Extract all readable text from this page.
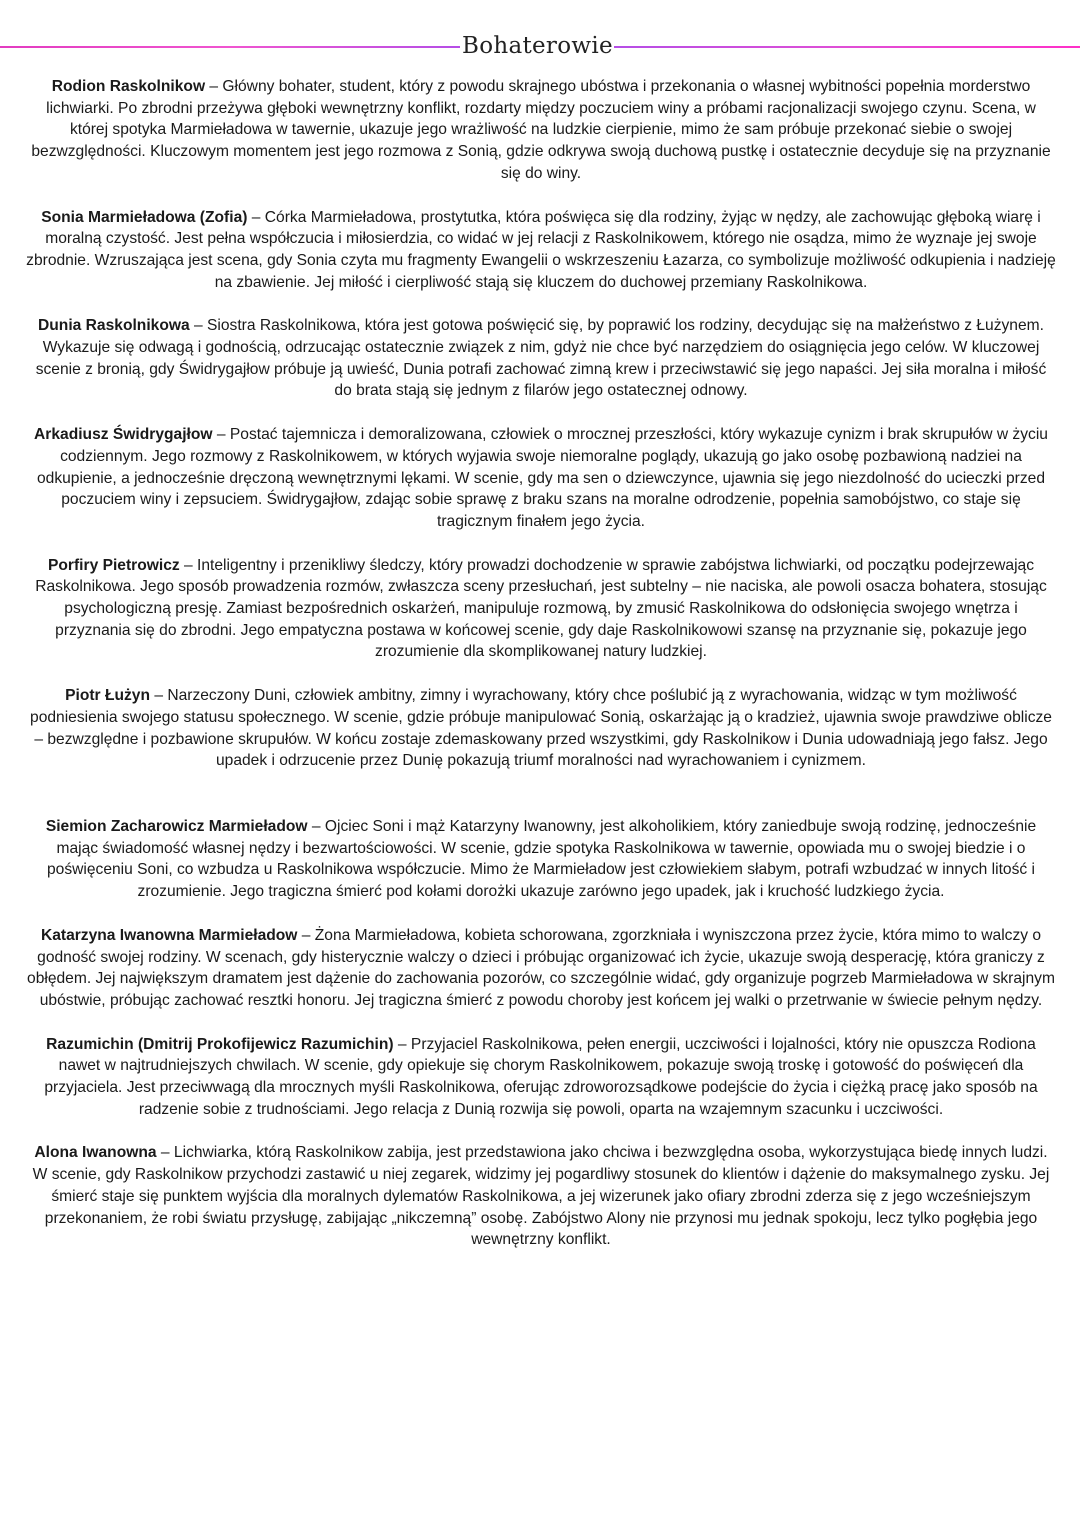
Bohaterowie

Rodion Raskolnikow – Główny bohater, student, który z powodu skrajnego ubóstwa i przekonania o własnej wybitności popełnia morderstwo lichwiarki. Po zbrodni przeżywa głęboki wewnętrzny konflikt, rozdarty między poczuciem winy a próbami racjonalizacji swojego czynu. Scena, w której spotyka Marmieładowa w tawernie, ukazuje jego wrażliwość na ludzkie cierpienie, mimo że sam próbuje przekonać siebie o swojej bezwzględności. Kluczowym momentem jest jego rozmowa z Sonią, gdzie odkrywa swoją duchową pustkę i ostatecznie decyduje się na przyznanie się do winy.

Sonia Marmieładowa (Zofia) – Córka Marmieładowa, prostytutka, która poświęca się dla rodziny, żyjąc w nędzy, ale zachowując głęboką wiarę i moralną czystość. Jest pełna współczucia i miłosierdzia, co widać w jej relacji z Raskolnikowem, którego nie osądza, mimo że wyznaje jej swoje zbrodnie. Wzruszająca jest scena, gdy Sonia czyta mu fragmenty Ewangelii o wskrzeszeniu Łazarza, co symbolizuje możliwość odkupienia i nadzieję na zbawienie. Jej miłość i cierpliwość stają się kluczem do duchowej przemiany Raskolnikowa.

Dunia Raskolnikowa – Siostra Raskolnikowa, która jest gotowa poświęcić się, by poprawić los rodziny, decydując się na małżeństwo z Łużynem. Wykazuje się odwagą i godnością, odrzucając ostatecznie związek z nim, gdyż nie chce być narzędziem do osiągnięcia jego celów. W kluczowej scenie z bronią, gdy Świdrygajłow próbuje ją uwieść, Dunia potrafi zachować zimną krew i przeciwstawić się jego napaści. Jej siła moralna i miłość do brata stają się jednym z filarów jego ostatecznej odnowy.

Arkadiusz Świdrygajłow – Postać tajemnicza i demoralizowana, człowiek o mrocznej przeszłości, który wykazuje cynizm i brak skrupułów w życiu codziennym. Jego rozmowy z Raskolnikowem, w których wyjawia swoje niemoralne poglądy, ukazują go jako osobę pozbawioną nadziei na odkupienie, a jednocześnie dręczoną wewnętrznymi lękami. W scenie, gdy ma sen o dziewczynce, ujawnia się jego niezdolność do ucieczki przed poczuciem winy i zepsuciem. Świdrygajłow, zdając sobie sprawę z braku szans na moralne odrodzenie, popełnia samobójstwo, co staje się tragicznym finałem jego życia.

Porfiry Pietrowicz – Inteligentny i przenikliwy śledczy, który prowadzi dochodzenie w sprawie zabójstwa lichwiarki, od początku podejrzewając Raskolnikowa. Jego sposób prowadzenia rozmów, zwłaszcza sceny przesłuchań, jest subtelny – nie naciska, ale powoli osacza bohatera, stosując psychologiczną presję. Zamiast bezpośrednich oskarżeń, manipuluje rozmową, by zmusić Raskolnikowa do odsłonięcia swojego wnętrza i przyznania się do zbrodni. Jego empatyczna postawa w końcowej scenie, gdy daje Raskolnikowowi szansę na przyznanie się, pokazuje jego zrozumienie dla skomplikowanej natury ludzkiej.

Piotr Łużyn – Narzeczony Duni, człowiek ambitny, zimny i wyrachowany, który chce poślubić ją z wyrachowania, widząc w tym możliwość podniesienia swojego statusu społecznego. W scenie, gdzie próbuje manipulować Sonią, oskarżając ją o kradzież, ujawnia swoje prawdziwe oblicze – bezwzględne i pozbawione skrupułów. W końcu zostaje zdemaskowany przed wszystkimi, gdy Raskolnikow i Dunia udowadniają jego fałsz. Jego upadek i odrzucenie przez Dunię pokazują triumf moralności nad wyrachowaniem i cynizmem.

Siemion Zacharowicz Marmieładow – Ojciec Soni i mąż Katarzyny Iwanowny, jest alkoholikiem, który zaniedbuje swoją rodzinę, jednocześnie mając świadomość własnej nędzy i bezwartościowości. W scenie, gdzie spotyka Raskolnikowa w tawernie, opowiada mu o swojej biedzie i o poświęceniu Soni, co wzbudza u Raskolnikowa współczucie. Mimo że Marmieładow jest człowiekiem słabym, potrafi wzbudzać w innych litość i zrozumienie. Jego tragiczna śmierć pod kołami dorożki ukazuje zarówno jego upadek, jak i kruchość ludzkiego życia.

Katarzyna Iwanowna Marmieładow – Żona Marmieładowa, kobieta schorowana, zgorzkniała i wyniszczona przez życie, która mimo to walczy o godność swojej rodziny. W scenach, gdy histerycznie walczy o dzieci i próbując organizować ich życie, ukazuje swoją desperację, która graniczy z obłędem. Jej największym dramatem jest dążenie do zachowania pozorów, co szczególnie widać, gdy organizuje pogrzeb Marmieładowa w skrajnym ubóstwie, próbując zachować resztki honoru. Jej tragiczna śmierć z powodu choroby jest końcem jej walki o przetrwanie w świecie pełnym nędzy.

Razumichin (Dmitrij Prokofijewicz Razumichin) – Przyjaciel Raskolnikowa, pełen energii, uczciwości i lojalności, który nie opuszcza Rodiona nawet w najtrudniejszych chwilach. W scenie, gdy opiekuje się chorym Raskolnikowem, pokazuje swoją troskę i gotowość do poświęceń dla przyjaciela. Jest przeciwwagą dla mrocznych myśli Raskolnikowa, oferując zdroworozsądkowe podejście do życia i ciężką pracę jako sposób na radzenie sobie z trudnościami. Jego relacja z Dunią rozwija się powoli, oparta na wzajemnym szacunku i uczciwości.

Alona Iwanowna – Lichwiarka, którą Raskolnikow zabija, jest przedstawiona jako chciwa i bezwzględna osoba, wykorzystująca biedę innych ludzi. W scenie, gdy Raskolnikow przychodzi zastawić u niej zegarek, widzimy jej pogardliwy stosunek do klientów i dążenie do maksymalnego zysku. Jej śmierć staje się punktem wyjścia dla moralnych dylematów Raskolnikowa, a jej wizerunek jako ofiary zbrodni zderza się z jego wcześniejszym przekonaniem, że robi światu przysługę, zabijając „nikczemną” osobę. Zabójstwo Alony nie przynosi mu jednak spokoju, lecz tylko pogłębia jego wewnętrzny konflikt.
